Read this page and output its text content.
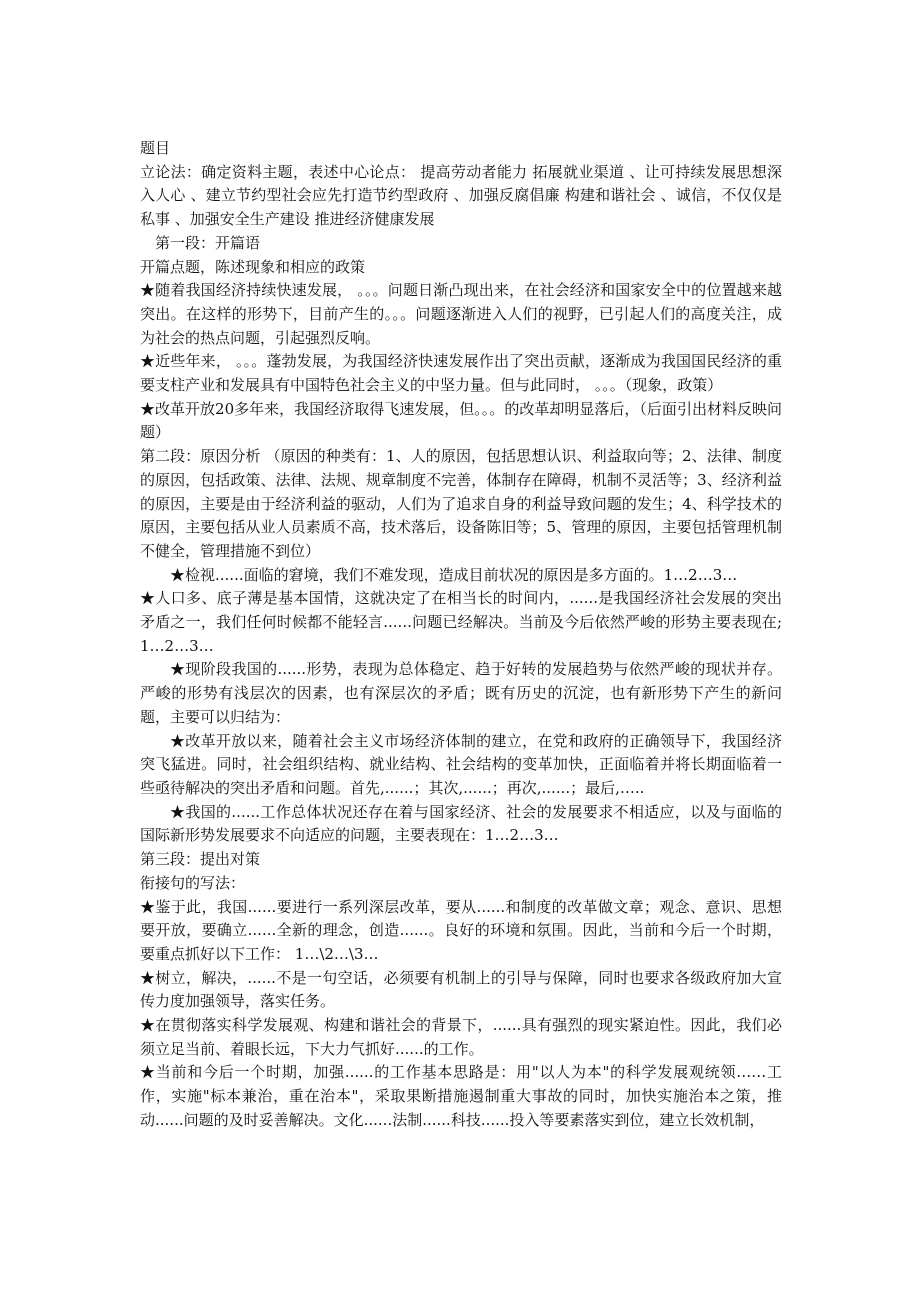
题目

立论法：确定资料主题，表述中心论点： 提高劳动者能力 拓展就业渠道 、让可持续发展思想深入人心 、建立节约型社会应先打造节约型政府 、加强反腐倡廉 构建和谐社会 、诚信，不仅仅是私事 、加强安全生产建设 推进经济健康发展

第一段：开篇语

开篇点题，陈述现象和相应的政策

★随着我国经济持续快速发展， 。。。问题日渐凸现出来，在社会经济和国家安全中的位置越来越突出。在这样的形势下，目前产生的。。。问题逐渐进入人们的视野，已引起人们的高度关注，成为社会的热点问题，引起强烈反响。

★近些年来， 。。。蓬勃发展，为我国经济快速发展作出了突出贡献，逐渐成为我国国民经济的重要支柱产业和发展具有中国特色社会主义的中坚力量。但与此同时， 。。。（现象，政策）

★改革开放20多年来，我国经济取得飞速发展，但。。。的改革却明显落后，（后面引出材料反映问题）

第二段：原因分析 （原因的种类有：1、人的原因，包括思想认识、利益取向等；2、法律、制度的原因，包括政策、法律、法规、规章制度不完善，体制存在障碍，机制不灵活等；3、经济利益的原因，主要是由于经济利益的驱动，人们为了追求自身的利益导致问题的发生；4、科学技术的原因，主要包括从业人员素质不高，技术落后，设备陈旧等；5、管理的原因，主要包括管理机制不健全，管理措施不到位）

★检视......面临的窘境，我们不难发现，造成目前状况的原因是多方面的。1…2…3…

★人口多、底子薄是基本国情，这就决定了在相当长的时间内，......是我国经济社会发展的突出矛盾之一，我们任何时候都不能轻言......问题已经解决。当前及今后依然严峻的形势主要表现在;1…2…3…

★现阶段我国的......形势，表现为总体稳定、趋于好转的发展趋势与依然严峻的现状并存。严峻的形势有浅层次的因素，也有深层次的矛盾；既有历史的沉淀，也有新形势下产生的新问题，主要可以归结为：

★改革开放以来，随着社会主义市场经济体制的建立，在党和政府的正确领导下，我国经济突飞猛进。同时，社会组织结构、就业结构、社会结构的变革加快，正面临着并将长期面临着一些亟待解决的突出矛盾和问题。首先,......；其次,......；再次,......；最后,…..

★我国的......工作总体状况还存在着与国家经济、社会的发展要求不相适应，以及与面临的国际新形势发展要求不向适应的问题，主要表现在：1…2…3…

第三段：提出对策

衔接句的写法：

★鉴于此，我国......要进行一系列深层改革，要从......和制度的改革做文章；观念、意识、思想要开放，要确立......全新的理念，创造......。良好的环境和氛围。因此，当前和今后一个时期，要重点抓好以下工作： 1…\2…\3…

★树立，解决，......不是一句空话，必须要有机制上的引导与保障，同时也要求各级政府加大宣传力度加强领导，落实任务。

★在贯彻落实科学发展观、构建和谐社会的背景下，......具有强烈的现实紧迫性。因此，我们必须立足当前、着眼长远，下大力气抓好......的工作。

★当前和今后一个时期，加强......的工作基本思路是：用"以人为本"的科学发展观统领……工作，实施"标本兼治，重在治本"，采取果断措施遏制重大事故的同时，加快实施治本之策，推动......问题的及时妥善解决。文化......法制......科技......投入等要素落实到位，建立长效机制，
